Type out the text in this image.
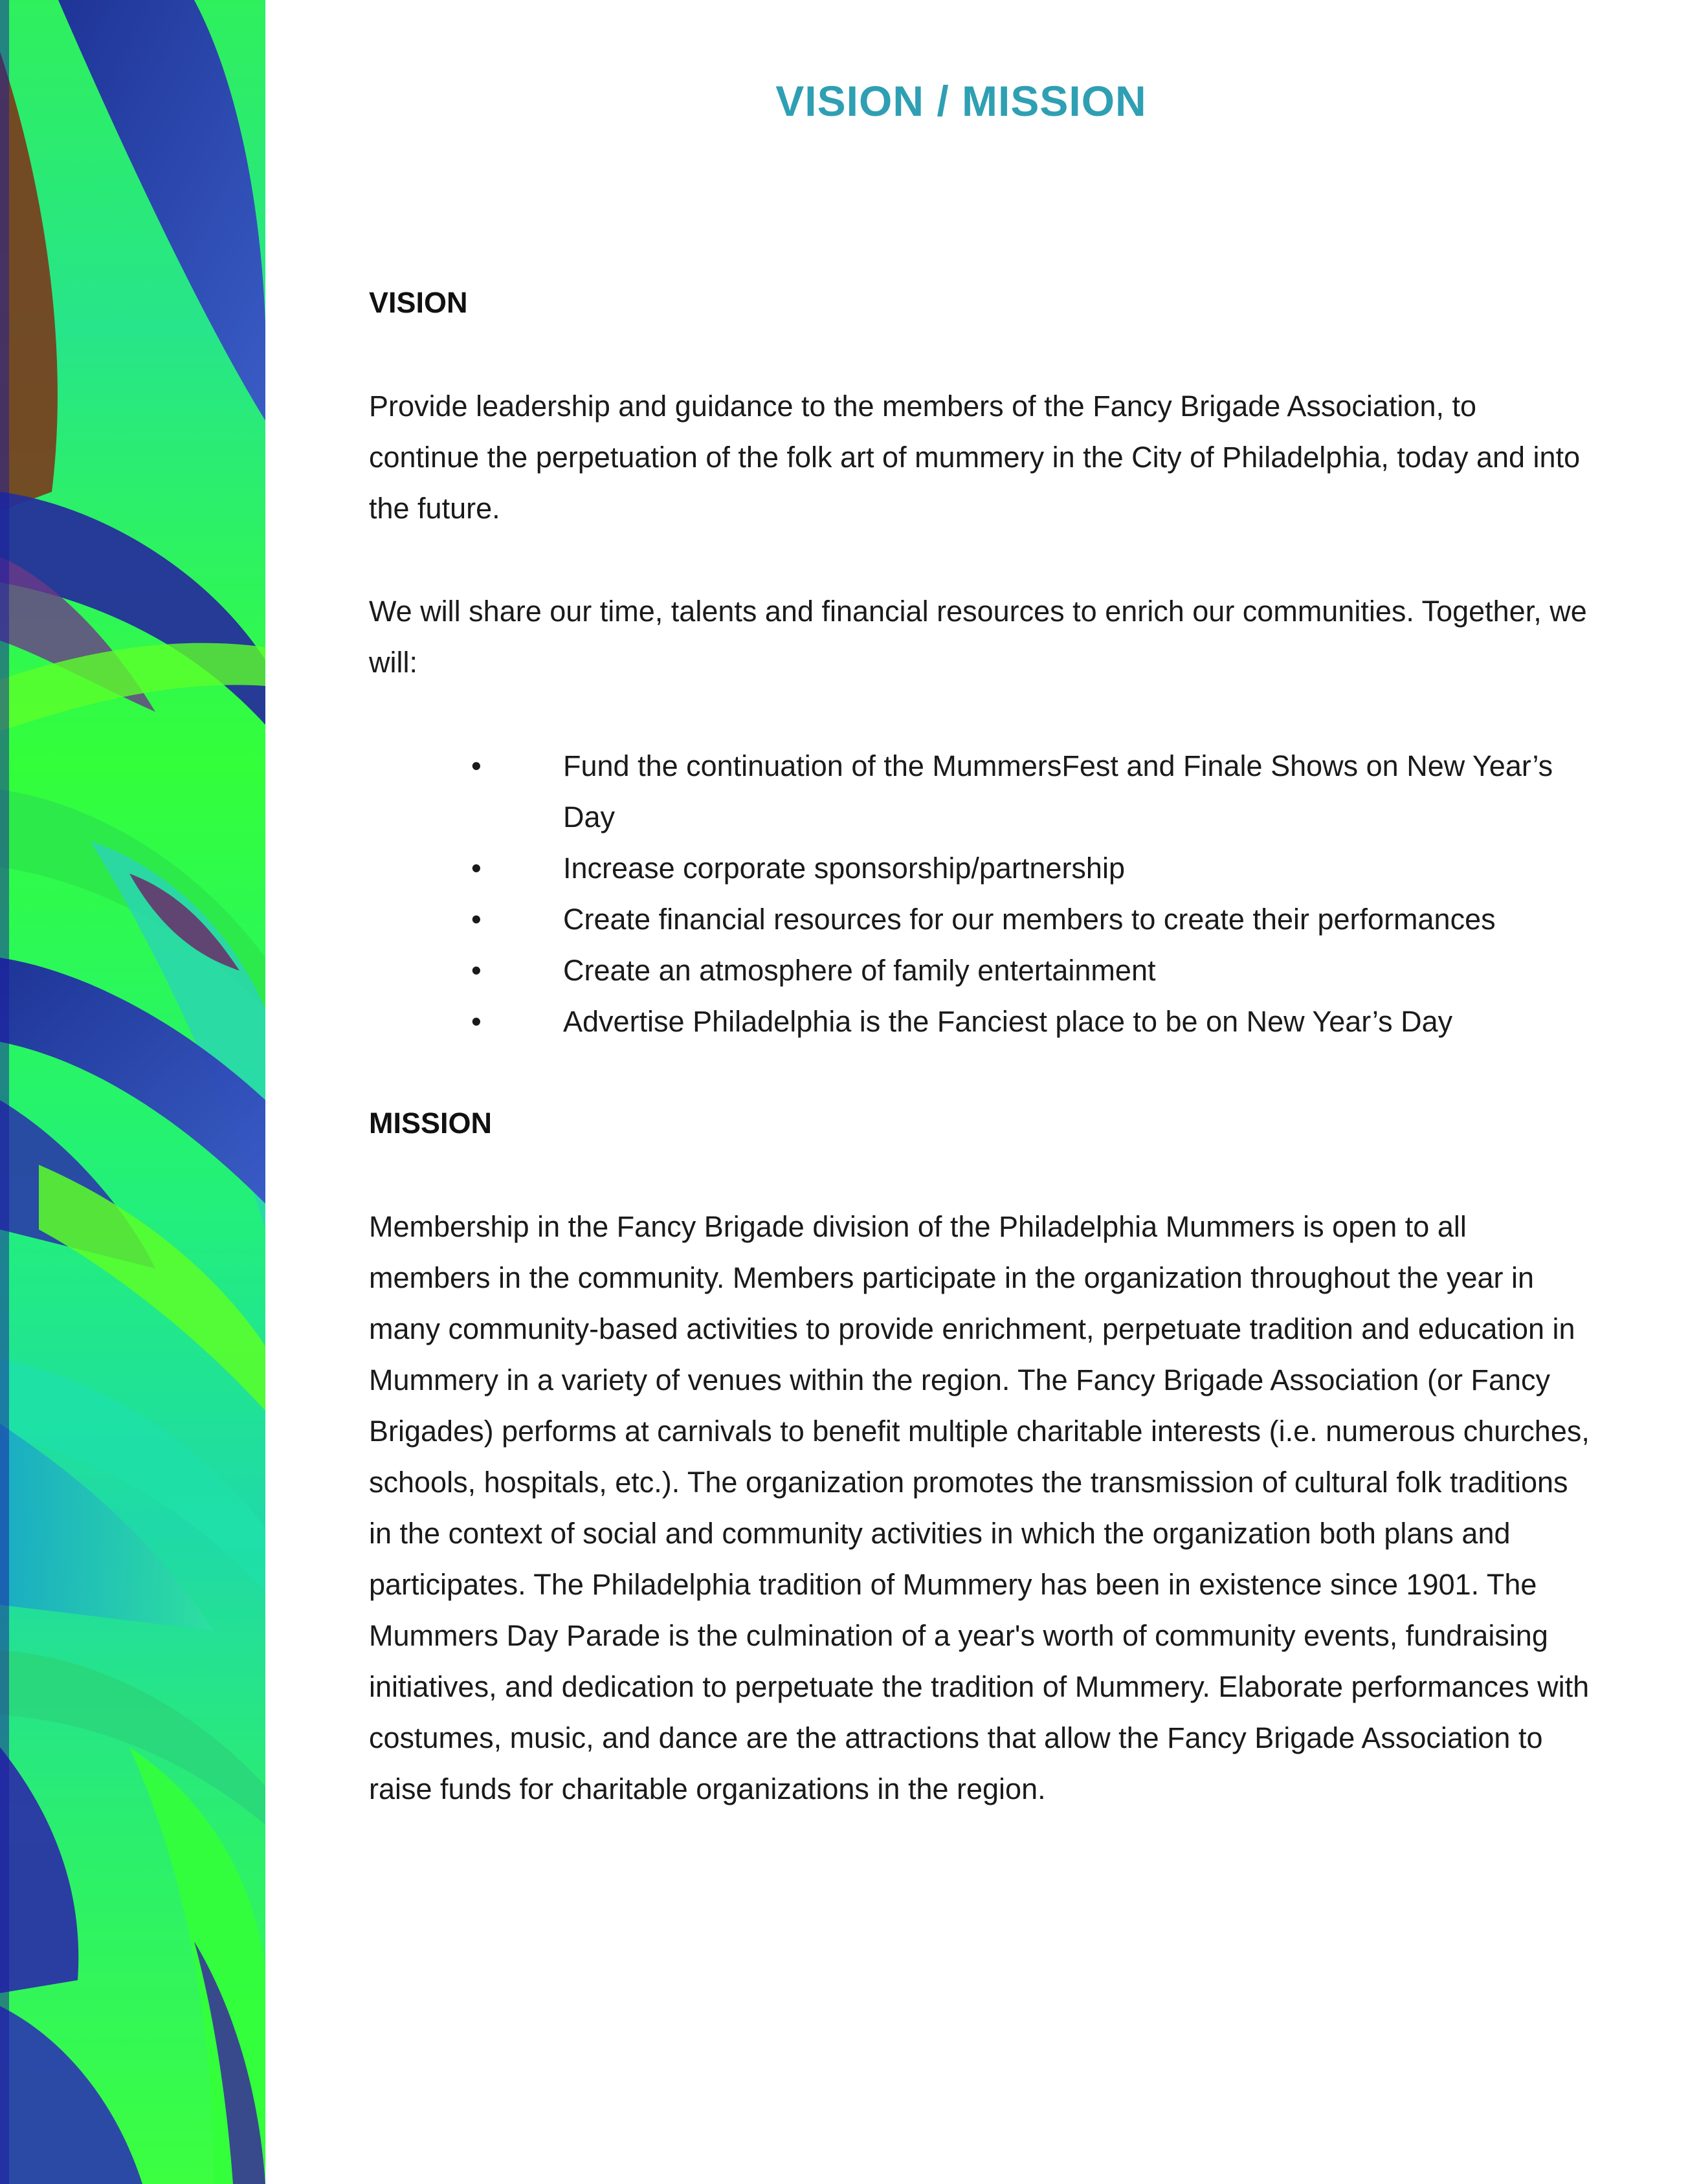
VISION / MISSION
VISION

Provide leadership and guidance to the members of the Fancy Brigade Association, to continue the perpetuation of the folk art of mummery in the City of Philadelphia, today and into the future.

We will share our time, talents and financial resources to enrich our communities. Together, we will:

•	Fund the continuation of the MummersFest and Finale Shows on New Year’s Day
•	Increase corporate sponsorship/partnership
•	Create financial resources for our members to create their performances
•	Create an atmosphere of family entertainment
•	Advertise Philadelphia is the Fanciest place to be on New Year’s Day
MISSION

Membership in the Fancy Brigade division of the Philadelphia Mummers is open to all members in the community. Members participate in the organization throughout the year in many community-based activities to provide enrichment, perpetuate tradition and education in Mummery in a variety of venues within the region. The Fancy Brigade Association (or Fancy Brigades) performs at carnivals to benefit multiple charitable interests (i.e. numerous churches, schools, hospitals, etc.). The organization promotes the transmission of cultural folk traditions in the context of social and community activities in which the organization both plans and participates. The Philadelphia tradition of Mummery has been in existence since 1901. The Mummers Day Parade is the culmination of a year's worth of community events, fundraising initiatives, and dedication to perpetuate the tradition of Mummery. Elaborate performances with costumes, music, and dance are the attractions that allow the Fancy Brigade Association to raise funds for charitable organizations in the region.
